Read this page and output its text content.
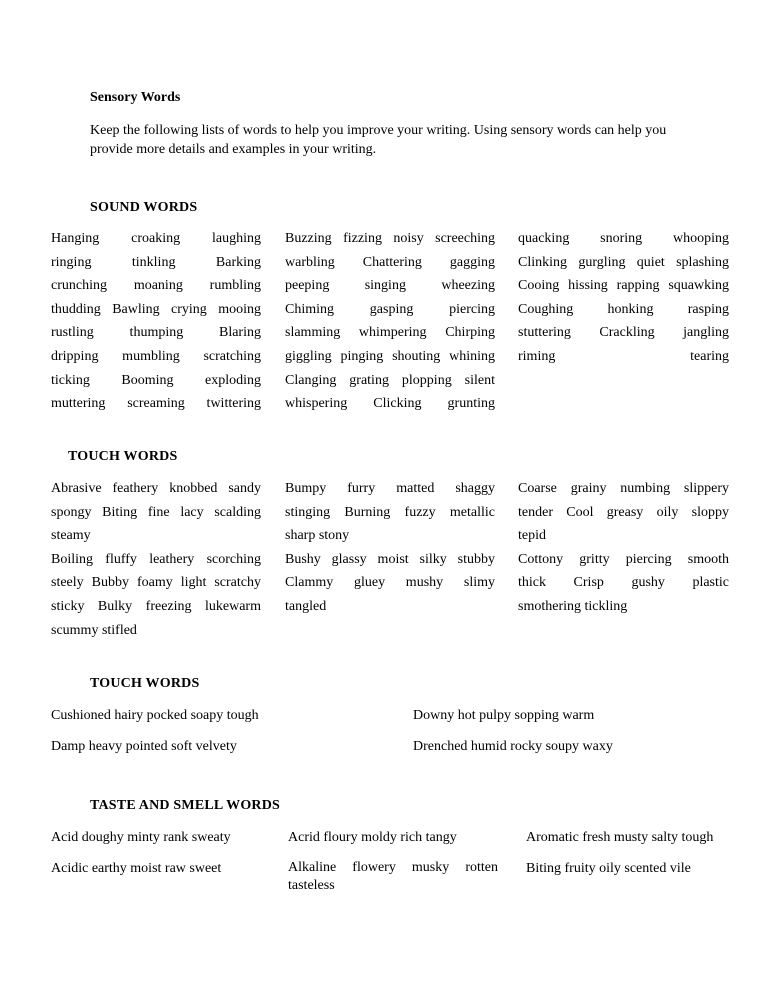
Sensory Words
Keep the following lists of words to help you improve your writing. Using sensory words can help you provide more details and examples in your writing.
SOUND WORDS
Hanging croaking laughing
ringing tinkling Barking
crunching moaning rumbling
thudding Bawling crying mooing
rustling thumping Blaring
dripping mumbling scratching
ticking Booming exploding
muttering screaming twittering
Buzzing fizzing noisy screeching
warbling Chattering gagging
peeping singing wheezing
Chiming gasping piercing
slamming whimpering Chirping
giggling pinging shouting whining
Clanging grating plopping silent
whispering Clicking grunting
quacking snoring whooping
Clinking gurgling quiet splashing
Cooing hissing rapping squawking
Coughing honking rasping
stuttering Crackling jangling
riming tearing
TOUCH WORDS
Abrasive feathery knobbed sandy
spongy Biting fine lacy scalding
steamy
Boiling fluffy leathery scorching
steely Bubby foamy light scratchy
sticky Bulky freezing lukewarm
scummy stifled
Bumpy furry matted shaggy
stinging Burning fuzzy metallic
sharp stony
Bushy glassy moist silky stubby
Clammy gluey mushy slimy
tangled
Coarse grainy numbing slippery
tender Cool greasy oily sloppy
tepid
Cottony gritty piercing smooth
thick Crisp gushy plastic
smothering tickling
TOUCH WORDS
Cushioned hairy pocked soapy tough
Damp heavy pointed soft velvety
Downy hot pulpy sopping warm
Drenched humid rocky soupy waxy
TASTE AND SMELL WORDS
Acid doughy minty rank sweaty
Acidic earthy moist raw sweet
Acrid floury moldy rich tangy
Alkaline flowery musky rotten tasteless
Aromatic fresh musty salty tough
Biting fruity oily scented vile
